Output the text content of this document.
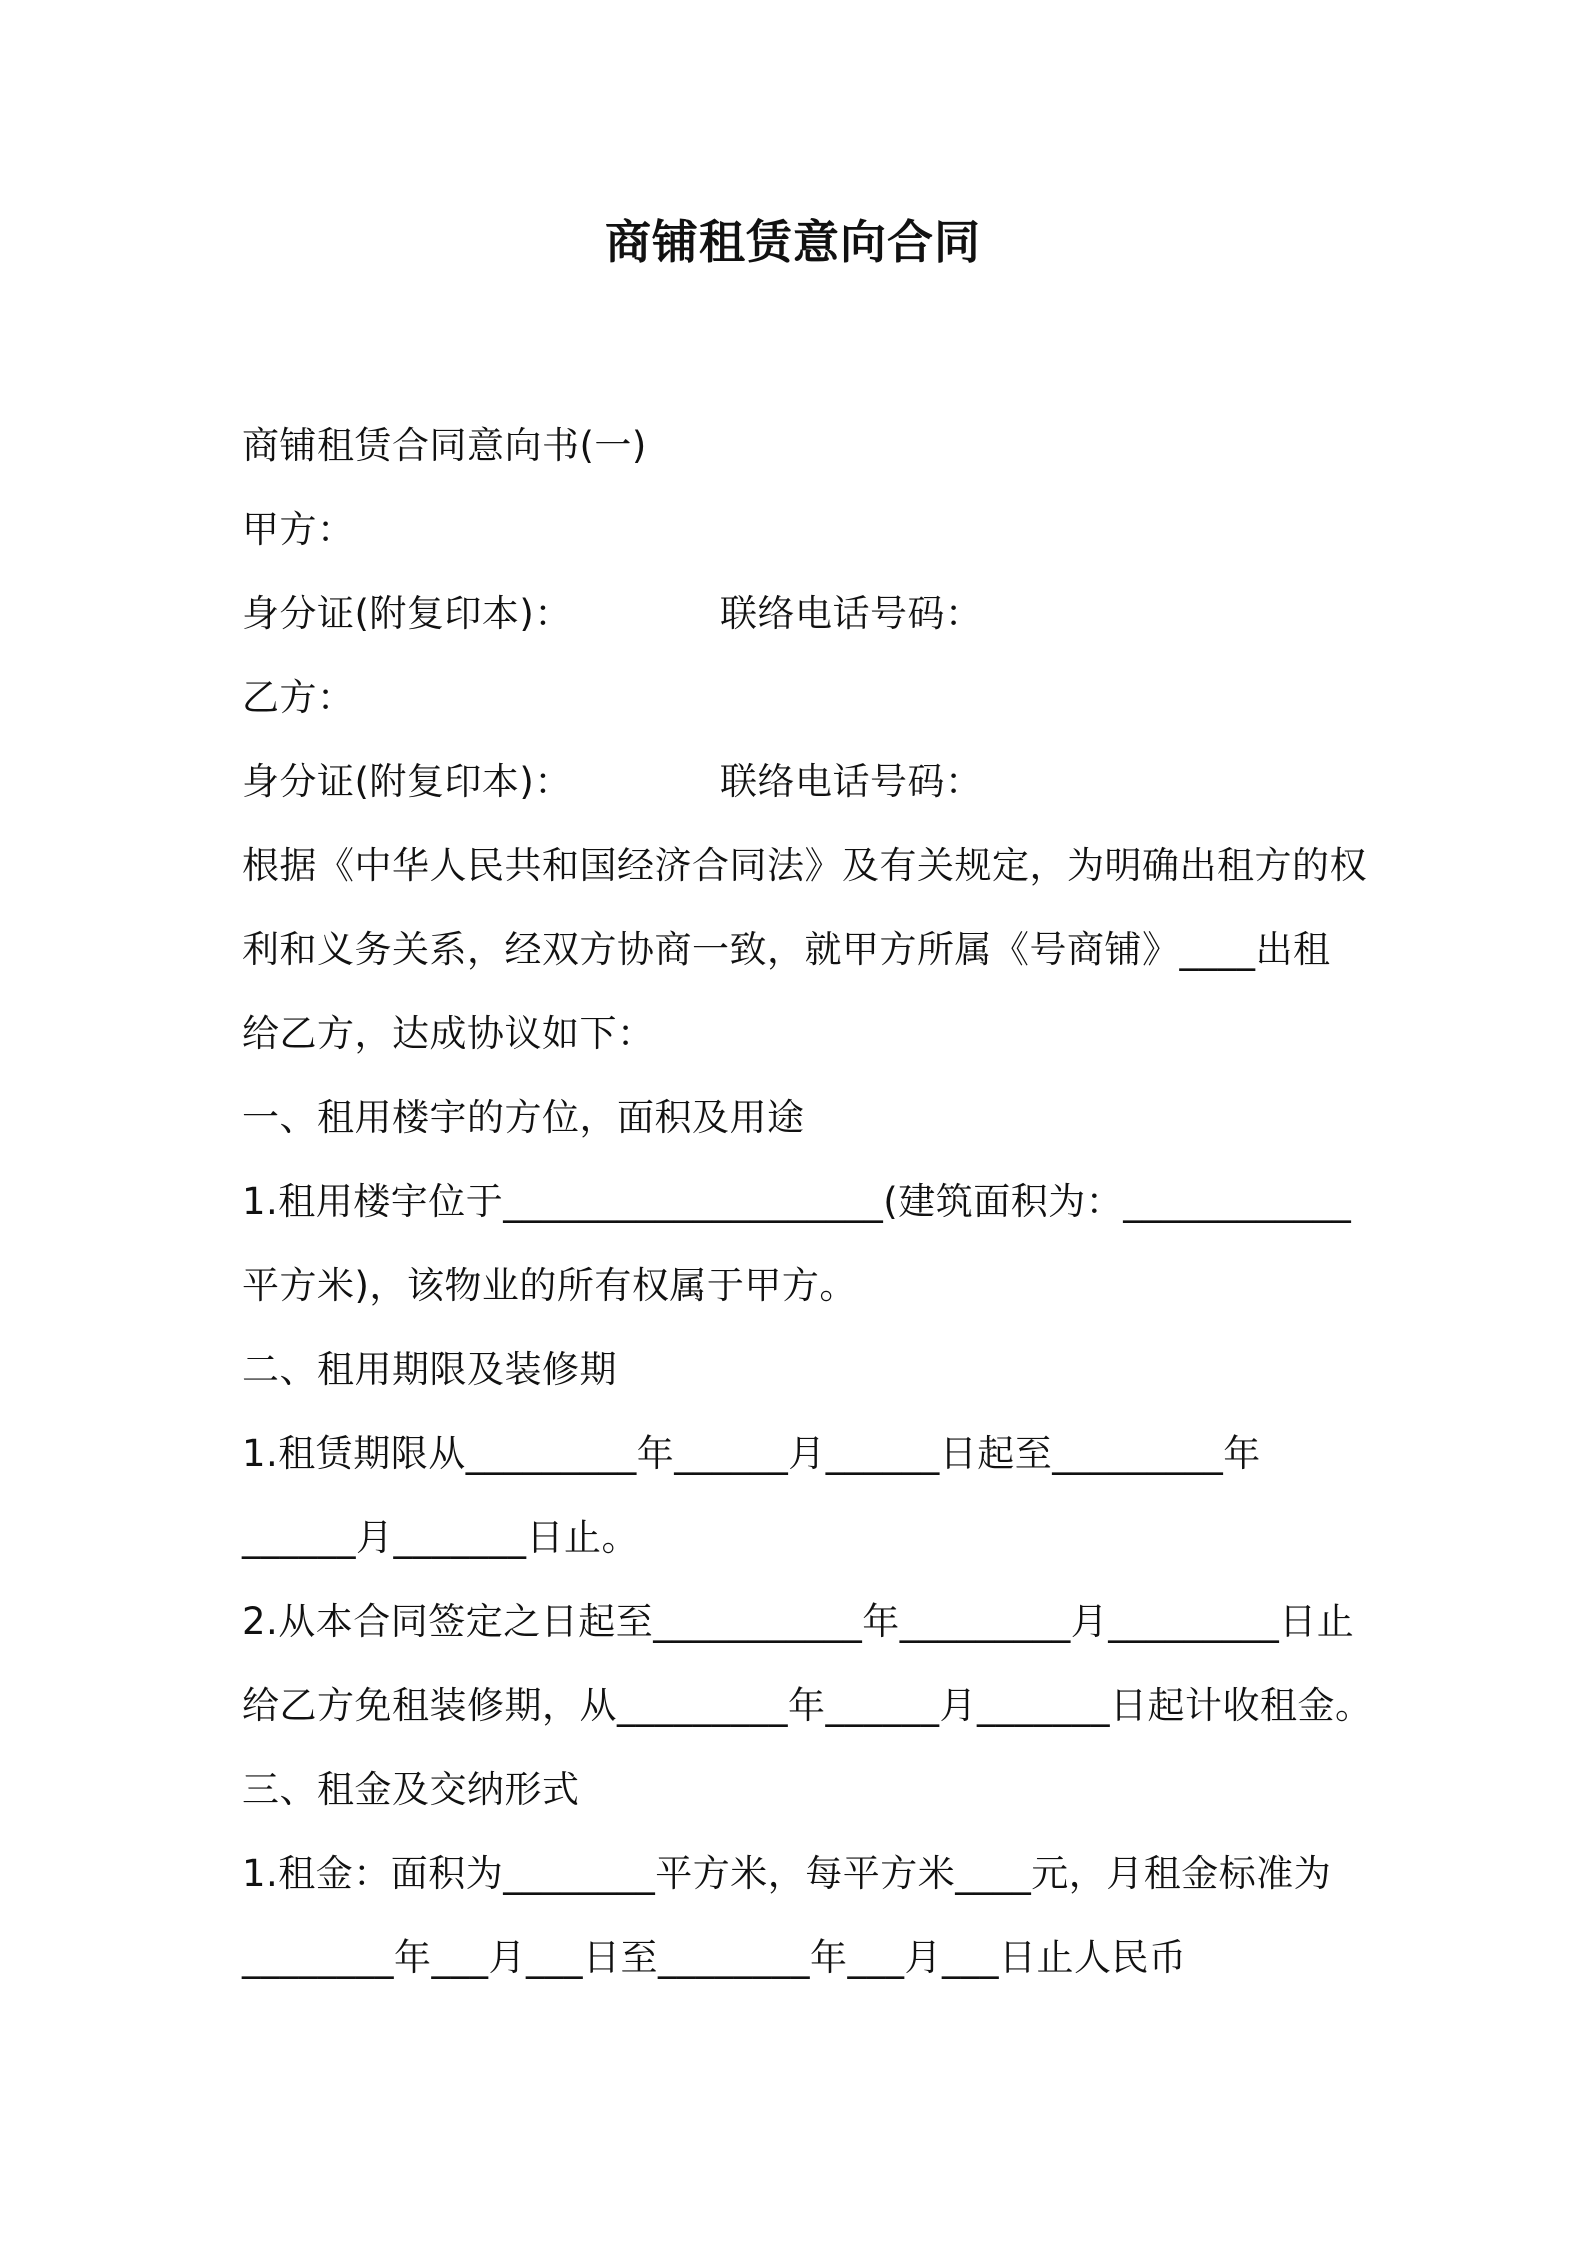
商铺租赁意向合同
商铺租赁合同意向书(一)
甲方：
身分证(附复印本)：	联络电话号码：
乙方：
身分证(附复印本)：	联络电话号码：
根据《中华人民共和国经济合同法》及有关规定，为明确出租方的权
利和义务关系，经双方协商一致，就甲方所属《号商铺》____出租
给乙方，达成协议如下：
一、租用楼宇的方位，面积及用途
1.租用楼宇位于____________________(建筑面积为：____________
平方米)，该物业的所有权属于甲方。
二、租用期限及装修期
1.租赁期限从_________年______月______日起至_________年
______月_______日止。
2.从本合同签定之日起至___________年_________月_________日止
给乙方免租装修期，从_________年______月_______日起计收租金。
三、租金及交纳形式
1.租金：面积为________平方米，每平方米____元，月租金标准为
________年___月___日至________年___月___日止人民币
